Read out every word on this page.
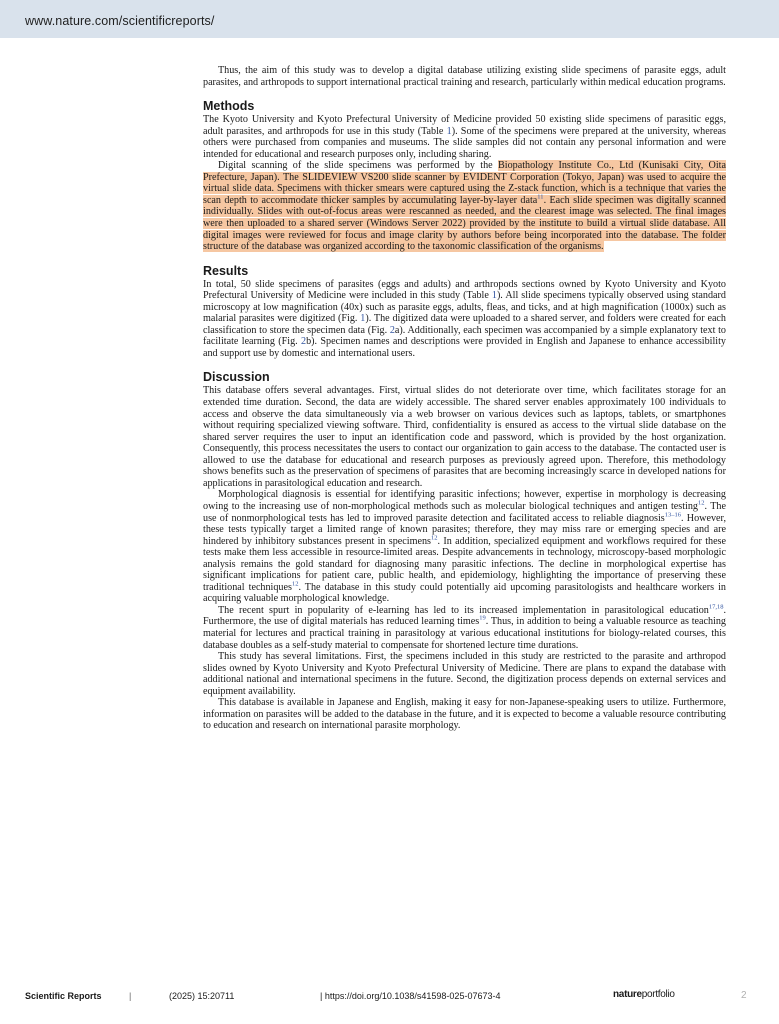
www.nature.com/scientificreports/

Thus, the aim of this study was to develop a digital database utilizing existing slide specimens of parasite eggs, adult parasites, and arthropods to support international practical training and research, particularly within medical education programs.

Methods

The Kyoto University and Kyoto Prefectural University of Medicine provided 50 existing slide specimens of parasitic eggs, adult parasites, and arthropods for use in this study (Table 1). Some of the specimens were prepared at the university, whereas others were purchased from companies and museums. The slide samples did not contain any personal information and were intended for educational and research purposes only, including sharing.

Digital scanning of the slide specimens was performed by the Biopathology Institute Co., Ltd (Kunisaki City, Oita Prefecture, Japan). The SLIDEVIEW VS200 slide scanner by EVIDENT Corporation (Tokyo, Japan) was used to acquire the virtual slide data. Specimens with thicker smears were captured using the Z-stack function, which is a technique that varies the scan depth to accommodate thicker samples by accumulating layer-by-layer data$^{11}$. Each slide specimen was digitally scanned individually. Slides with out-of-focus areas were rescanned as needed, and the clearest image was selected. The final images were then uploaded to a shared server (Windows Server 2022) provided by the institute to build a virtual slide database. All digital images were reviewed for focus and image clarity by authors before being incorporated into the database. The folder structure of the database was organized according to the taxonomic classification of the organisms.

Results

In total, 50 slide specimens of parasites (eggs and adults) and arthropods sections owned by Kyoto University and Kyoto Prefectural University of Medicine were included in this study (Table 1). All slide specimens typically observed using standard microscopy at low magnification (40x) such as parasite eggs, adults, fleas, and ticks, and at high magnification (1000x) such as malarial parasites were digitized (Fig. 1). The digitized data were uploaded to a shared server, and folders were created for each classification to store the specimen data (Fig. 2a). Additionally, each specimen was accompanied by a simple explanatory text to facilitate learning (Fig. 2b). Specimen names and descriptions were provided in English and Japanese to enhance accessibility and support use by domestic and international users.

Discussion

This database offers several advantages. First, virtual slides do not deteriorate over time, which facilitates storage for an extended time duration. Second, the data are widely accessible. The shared server enables approximately 100 individuals to access and observe the data simultaneously via a web browser on various devices such as laptops, tablets, or smartphones without requiring specialized viewing software. Third, confidentiality is ensured as access to the virtual slide database on the shared server requires the user to input an identification code and password, which is provided by the host organization. Consequently, this process necessitates the users to contact our organization to gain access to the database. The contacted user is allowed to use the database for educational and research purposes as previously agreed upon. Therefore, this methodology shows benefits such as the preservation of specimens of parasites that are becoming increasingly scarce in developed nations for applications in parasitological education and research.

Morphological diagnosis is essential for identifying parasitic infections; however, expertise in morphology is decreasing owing to the increasing use of non-morphological methods such as molecular biological techniques and antigen testing$^{12}$. The use of nonmorphological tests has led to improved parasite detection and facilitated access to reliable diagnosis$^{13-16}$. However, these tests typically target a limited range of known parasites; therefore, they may miss rare or emerging species and are hindered by inhibitory substances present in specimens$^{12}$. In addition, specialized equipment and workflows required for these tests make them less accessible in resource-limited areas. Despite advancements in technology, microscopy-based morphologic analysis remains the gold standard for diagnosing many parasitic infections. The decline in morphological expertise has significant implications for patient care, public health, and epidemiology, highlighting the importance of preserving these traditional techniques$^{12}$. The database in this study could potentially aid upcoming parasitologists and healthcare workers in acquiring valuable morphological knowledge.

The recent spurt in popularity of e-learning has led to its increased implementation in parasitological education$^{17,18}$. Furthermore, the use of digital materials has reduced learning times$^{19}$. Thus, in addition to being a valuable resource as teaching material for lectures and practical training in parasitology at various educational institutions for biology-related courses, this database doubles as a self-study material to compensate for shortened lecture time durations.

This study has several limitations. First, the specimens included in this study are restricted to the parasite and arthropod slides owned by Kyoto University and Kyoto Prefectural University of Medicine. There are plans to expand the database with additional national and international specimens in the future. Second, the digitization process depends on external services and equipment availability.

This database is available in Japanese and English, making it easy for non-Japanese-speaking users to utilize. Furthermore, information on parasites will be added to the database in the future, and it is expected to become a valuable resource contributing to education and research on international parasite morphology.

Scientific Reports	|	(2025) 15:20711	| https://doi.org/10.1038/s41598-025-07673-4	natureportfolio	2
